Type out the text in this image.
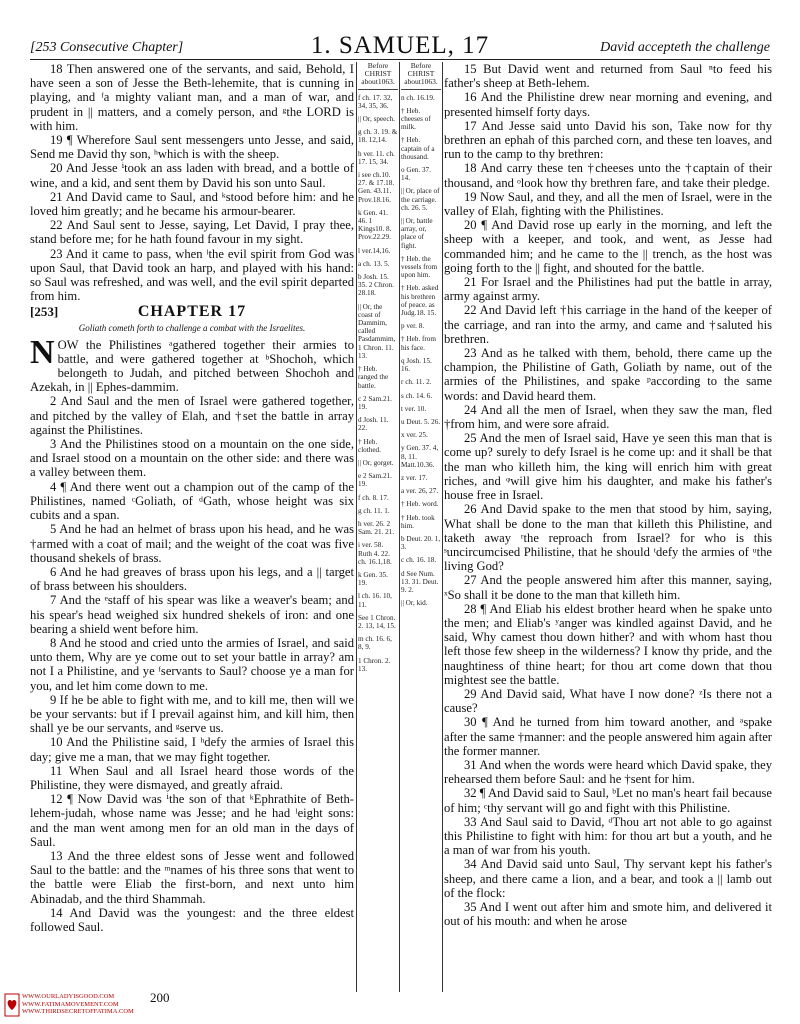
[253 Consecutive Chapter]	1. SAMUEL, 17	David accepteth the challenge

18 Then answered one of the servants, and said, Behold, I have seen a son of Jesse the Beth-lehemite, that is cunning in playing, and ᶠa mighty valiant man, and a man of war, and prudent in || matters, and a comely person, and ᵍthe LORD is with him.

19 ¶ Wherefore Saul sent messengers unto Jesse, and said, Send me David thy son, ʰwhich is with the sheep.

20 And Jesse ⁱtook an ass laden with bread, and a bottle of wine, and a kid, and sent them by David his son unto Saul.

21 And David came to Saul, and ᵏstood before him: and he loved him greatly; and he became his armour-bearer.

22 And Saul sent to Jesse, saying, Let David, I pray thee, stand before me; for he hath found favour in my sight.

23 And it came to pass, when ˡthe evil spirit from God was upon Saul, that David took an harp, and played with his hand: so Saul was refreshed, and was well, and the evil spirit departed from him.

[253]	CHAPTER 17
Goliath cometh forth to challenge a combat with the Israelites.

NOW the Philistines ᵃgathered together their armies to battle, and were gathered together at ᵇShochoh, which belongeth to Judah, and pitched between Shochoh and Azekah, in || Ephes-dammim.

2 And Saul and the men of Israel were gathered together, and pitched by the valley of Elah, and †set the battle in array against the Philistines.

3 And the Philistines stood on a mountain on the one side, and Israel stood on a mountain on the other side: and there was a valley between them.

4 ¶ And there went out a champion out of the camp of the Philistines, named ᶜGoliath, of ᵈGath, whose height was six cubits and a span.

5 And he had an helmet of brass upon his head, and he was †armed with a coat of mail; and the weight of the coat was five thousand shekels of brass.

6 And he had greaves of brass upon his legs, and a || target of brass between his shoulders.

7 And the ᵉstaff of his spear was like a weaver's beam; and his spear's head weighed six hundred shekels of iron: and one bearing a shield went before him.

8 And he stood and cried unto the armies of Israel, and said unto them, Why are ye come out to set your battle in array? am not I a Philistine, and ye ᶠservants to Saul? choose ye a man for you, and let him come down to me.

9 If he be able to fight with me, and to kill me, then will we be your servants: but if I prevail against him, and kill him, then shall ye be our servants, and ᵍserve us.

10 And the Philistine said, I ʰdefy the armies of Israel this day; give me a man, that we may fight together.

11 When Saul and all Israel heard those words of the Philistine, they were dismayed, and greatly afraid.

12 ¶ Now David was ⁱthe son of that ᵏEphrathite of Beth-lehem-judah, whose name was Jesse; and he had ˡeight sons: and the man went among men for an old man in the days of Saul.

13 And the three eldest sons of Jesse went and followed Saul to the battle: and the ᵐnames of his three sons that went to the battle were Eliab the first-born, and next unto him Abinadab, and the third Shammah.

14 And David was the youngest: and the three eldest followed Saul.

Before CHRIST about1063.
f ch. 17. 32, 34, 35, 36.
|| Or, speech.
g ch. 3. 19. & 18. 12,14.
h ver. 11. ch. 17. 15, 34.
i see ch.10. 27. & 17.18. Gen. 43.11. Prov.18.16.
k Gen. 41. 46. 1 Kings10. 8. Prov.22.29.
l ver.14,16.
a ch. 13. 5.
b Josh. 15. 35. 2 Chron. 28.18.
|| Or, the coast of Dammim, called Pasdammim, 1 Chron. 11. 13.
† Heb. ranged the battle.
c 2 Sam.21. 19.
d Josh. 11. 22.
† Heb. clothed.
|| Or, gorget.
e 2 Sam.21. 19.
f ch. 8. 17.
g ch. 11. 1.
h ver. 26. 2 Sam. 21. 21.
i ver. 58. Ruth 4. 22. ch. 16.1,18.
k Gen. 35. 19.
l ch. 16. 10, 11.
See 1 Chron. 2. 13, 14, 15.
m ch. 16. 6, 8, 9.
1 Chron. 2. 13.
Before CHRIST about1063.
n ch. 16.19.
† Heb. cheeses of milk.
† Heb. captain of a thousand.
o Gen. 37. 14.
|| Or, place of the carriage. ch. 26. 5.
|| Or, battle array, or, place of fight.
† Heb. the vessels from upon him.
† Heb. asked his brethren of peace. as Judg.18. 15.
p ver. 8.
† Heb. from his face.
q Josh. 15. 16.
r ch. 11. 2.
s ch. 14. 6.
t ver. 10.
u Deut. 5. 26.
x ver. 25.
y Gen. 37. 4, 8, 11. Matt.10.36.
z ver. 17.
a ver. 26, 27.
† Heb. word.
† Heb. took him.
b Deut. 20. 1, 3.
c ch. 16. 18.
d See Num. 13. 31. Deut. 9. 2.
|| Or, kid.

15 But David went and returned from Saul ⁿto feed his father's sheep at Beth-lehem.

16 And the Philistine drew near morning and evening, and presented himself forty days.

17 And Jesse said unto David his son, Take now for thy brethren an ephah of this parched corn, and these ten loaves, and run to the camp to thy brethren:

18 And carry these ten †cheeses unto the †captain of their thousand, and ᵒlook how thy brethren fare, and take their pledge.

19 Now Saul, and they, and all the men of Israel, were in the valley of Elah, fighting with the Philistines.

20 ¶ And David rose up early in the morning, and left the sheep with a keeper, and took, and went, as Jesse had commanded him; and he came to the || trench, as the host was going forth to the || fight, and shouted for the battle.

21 For Israel and the Philistines had put the battle in array, army against army.

22 And David left †his carriage in the hand of the keeper of the carriage, and ran into the army, and came and †saluted his brethren.

23 And as he talked with them, behold, there came up the champion, the Philistine of Gath, Goliath by name, out of the armies of the Philistines, and spake ᵖaccording to the same words: and David heard them.

24 And all the men of Israel, when they saw the man, fled †from him, and were sore afraid.

25 And the men of Israel said, Have ye seen this man that is come up? surely to defy Israel is he come up: and it shall be that the man who killeth him, the king will enrich him with great riches, and ᵠwill give him his daughter, and make his father's house free in Israel.

26 And David spake to the men that stood by him, saying, What shall be done to the man that killeth this Philistine, and taketh away ʳthe reproach from Israel? for who is this ˢuncircumcised Philistine, that he should ᵗdefy the armies of ᵘthe living God?

27 And the people answered him after this manner, saying, ˣSo shall it be done to the man that killeth him.

28 ¶ And Eliab his eldest brother heard when he spake unto the men; and Eliab's ʸanger was kindled against David, and he said, Why camest thou down hither? and with whom hast thou left those few sheep in the wilderness? I know thy pride, and the naughtiness of thine heart; for thou art come down that thou mightest see the battle.

29 And David said, What have I now done? ᶻIs there not a cause?

30 ¶ And he turned from him toward another, and ᵃspake after the same †manner: and the people answered him again after the former manner.

31 And when the words were heard which David spake, they rehearsed them before Saul: and he †sent for him.

32 ¶ And David said to Saul, ᵇLet no man's heart fail because of him; ᶜthy servant will go and fight with this Philistine.

33 And Saul said to David, ᵈThou art not able to go against this Philistine to fight with him: for thou art but a youth, and he a man of war from his youth.

34 And David said unto Saul, Thy servant kept his father's sheep, and there came a lion, and a bear, and took a || lamb out of the flock:

35 And I went out after him and smote him, and delivered it out of his mouth: and when he arose

WWW.OURLADYISGOOD.COM
WWW.FATIMAMOVEMENT.COM
WWW.THIRDSECRETOFFATIMA.COM
200
